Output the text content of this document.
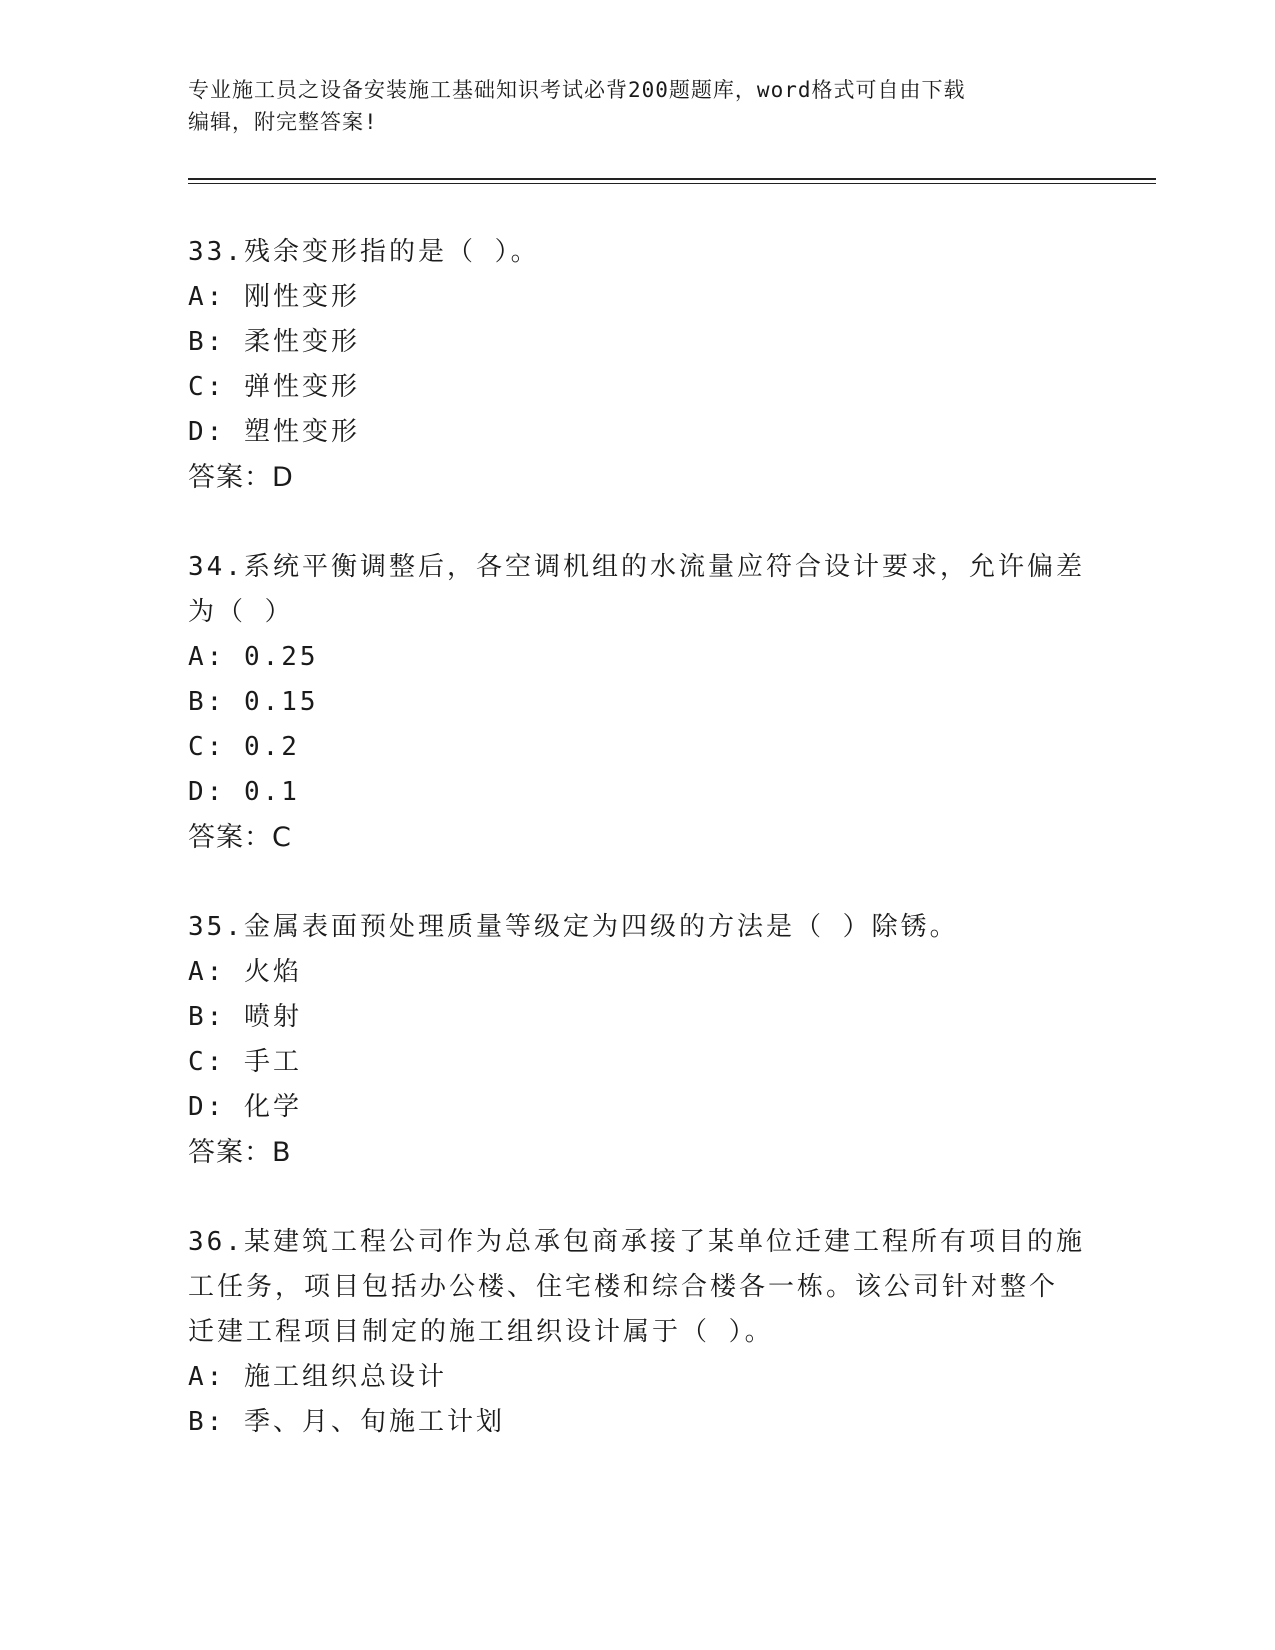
专业施工员之设备安装施工基础知识考试必背200题题库，word格式可自由下载
编辑，附完整答案!
33.残余变形指的是（ ）。
A: 刚性变形
B: 柔性变形
C: 弹性变形
D: 塑性变形
答案：D
34.系统平衡调整后，各空调机组的水流量应符合设计要求，允许偏差
为（ ）
A: 0.25
B: 0.15
C: 0.2
D: 0.1
答案：C
35.金属表面预处理质量等级定为四级的方法是（ ）除锈。
A: 火焰
B: 喷射
C: 手工
D: 化学
答案：B
36.某建筑工程公司作为总承包商承接了某单位迁建工程所有项目的施
工任务，项目包括办公楼、住宅楼和综合楼各一栋。该公司针对整个
迁建工程项目制定的施工组织设计属于（ ）。
A: 施工组织总设计
B: 季、月、旬施工计划
